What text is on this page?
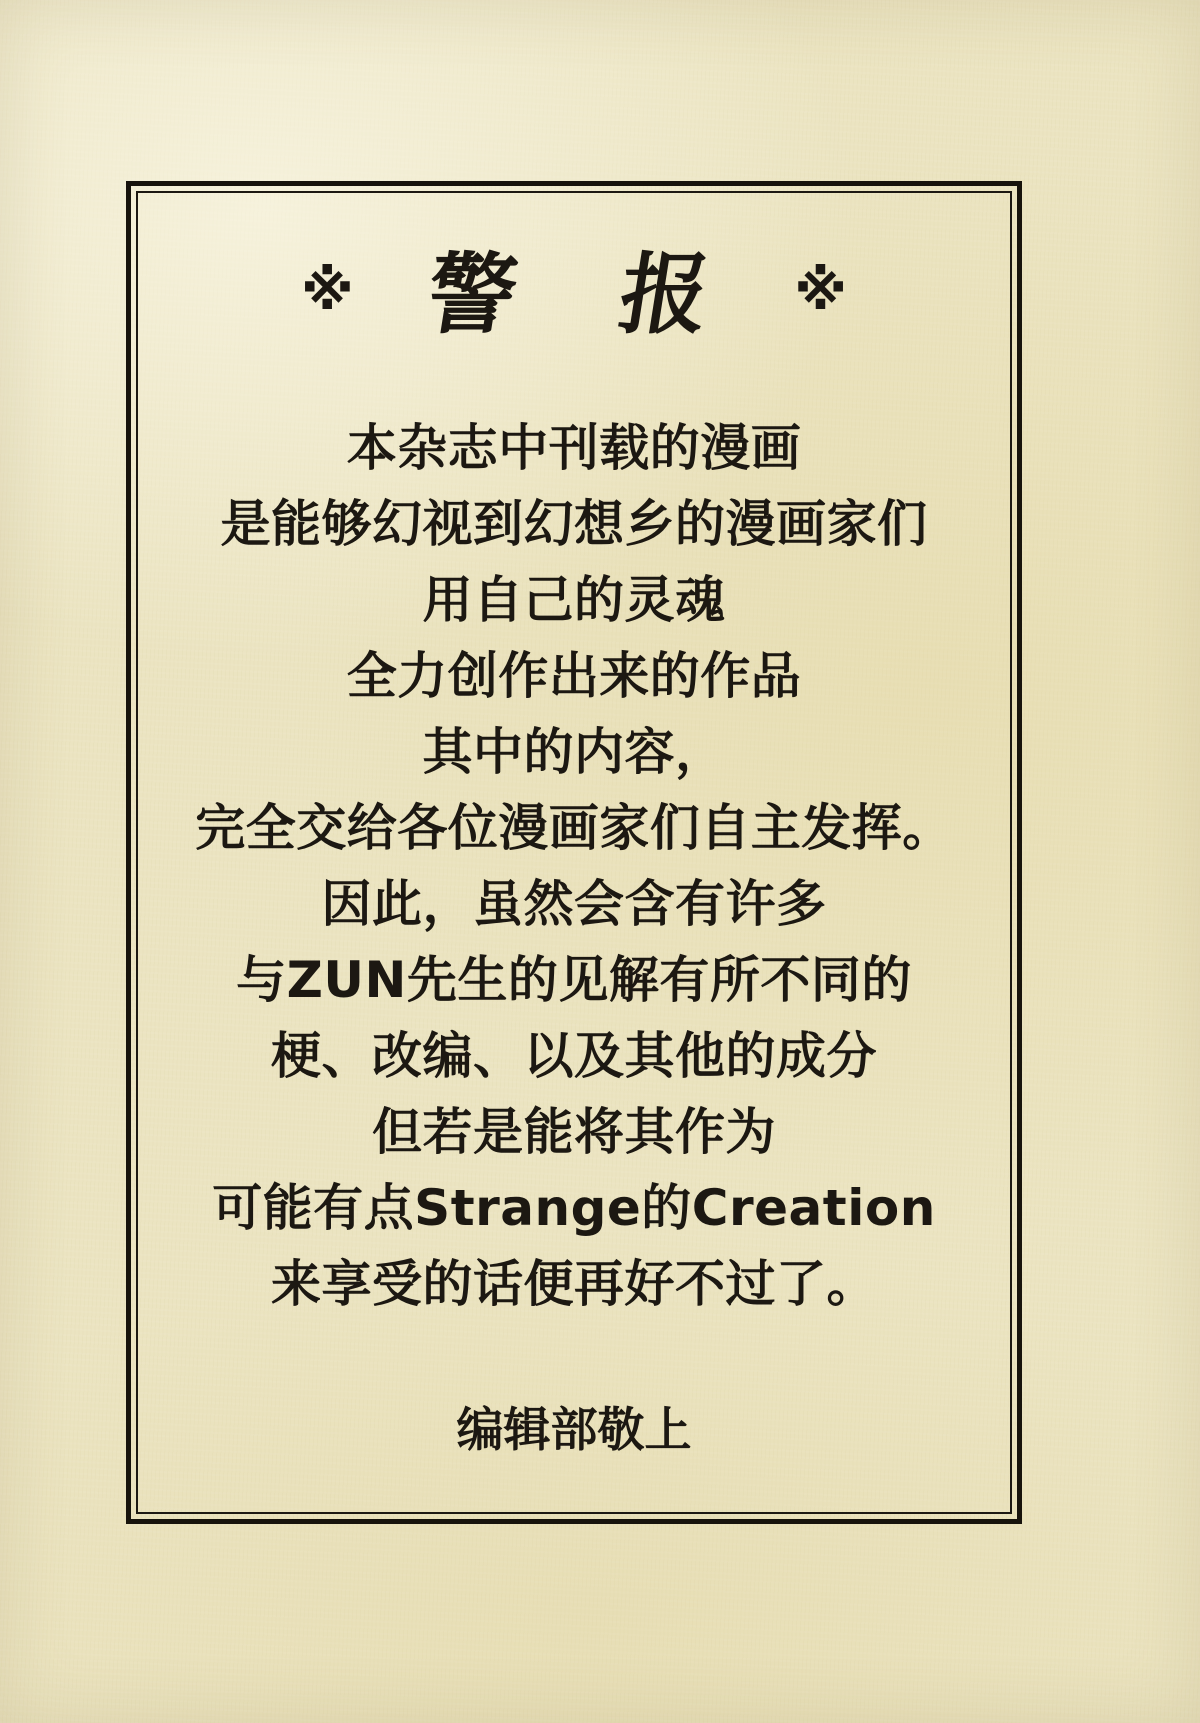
※ 警 报 ※

本杂志中刊载的漫画

是能够幻视到幻想乡的漫画家们

用自己的灵魂

全力创作出来的作品

其中的内容，

完全交给各位漫画家们自主发挥。

因此，虽然会含有许多

与ZUN先生的见解有所不同的

梗、改编、以及其他的成分

但若是能将其作为

可能有点Strange的Creation

来享受的话便再好不过了。

编辑部敬上
